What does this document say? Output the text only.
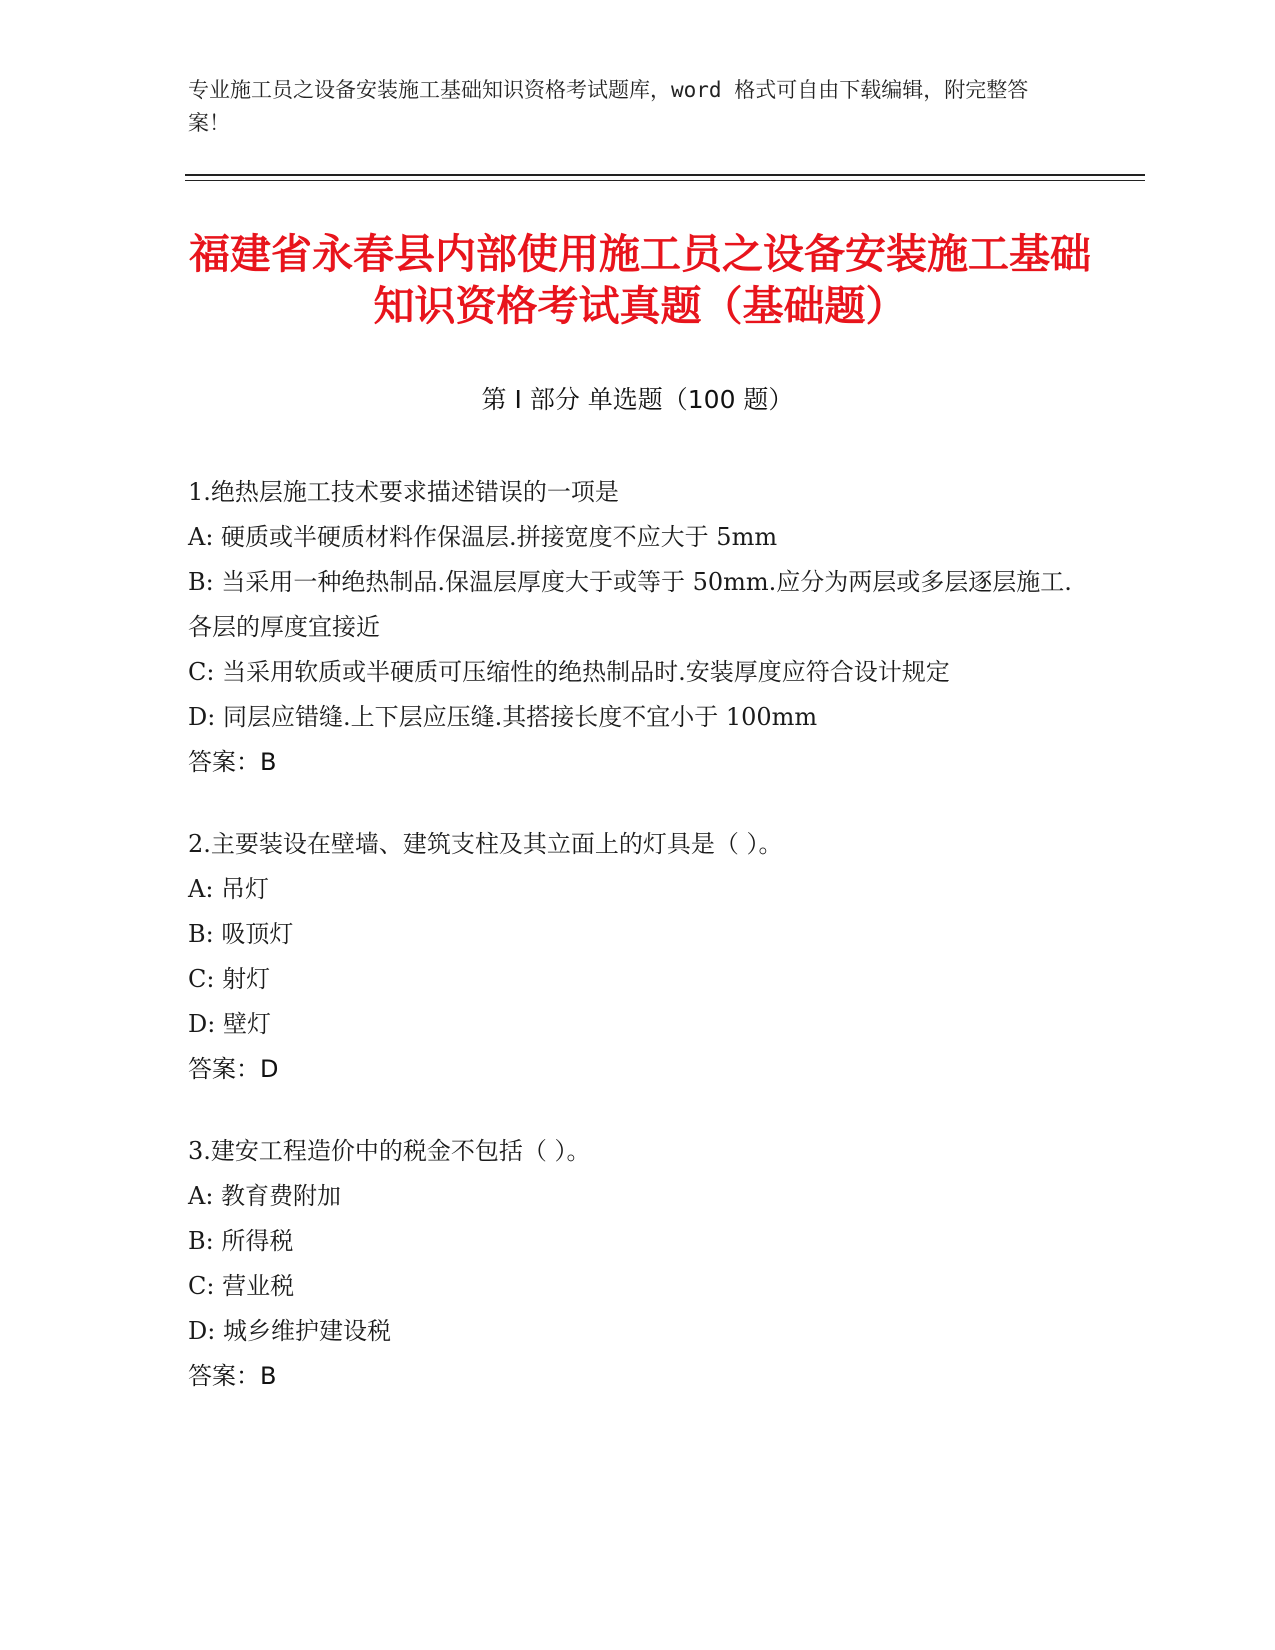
专业施工员之设备安装施工基础知识资格考试题库，word 格式可自由下载编辑，附完整答案！
福建省永春县内部使用施工员之设备安装施工基础知识资格考试真题（基础题）
第 I 部分 单选题（100 题）
1.绝热层施工技术要求描述错误的一项是
A: 硬质或半硬质材料作保温层.拼接宽度不应大于 5mm
B: 当采用一种绝热制品.保温层厚度大于或等于 50mm.应分为两层或多层逐层施工.各层的厚度宜接近
C: 当采用软质或半硬质可压缩性的绝热制品时.安装厚度应符合设计规定
D: 同层应错缝.上下层应压缝.其搭接长度不宜小于 100mm
答案：B
2.主要装设在壁墙、建筑支柱及其立面上的灯具是（ ）。
A: 吊灯
B: 吸顶灯
C: 射灯
D: 壁灯
答案：D
3.建安工程造价中的税金不包括（ ）。
A: 教育费附加
B: 所得税
C: 营业税
D: 城乡维护建设税
答案：B
